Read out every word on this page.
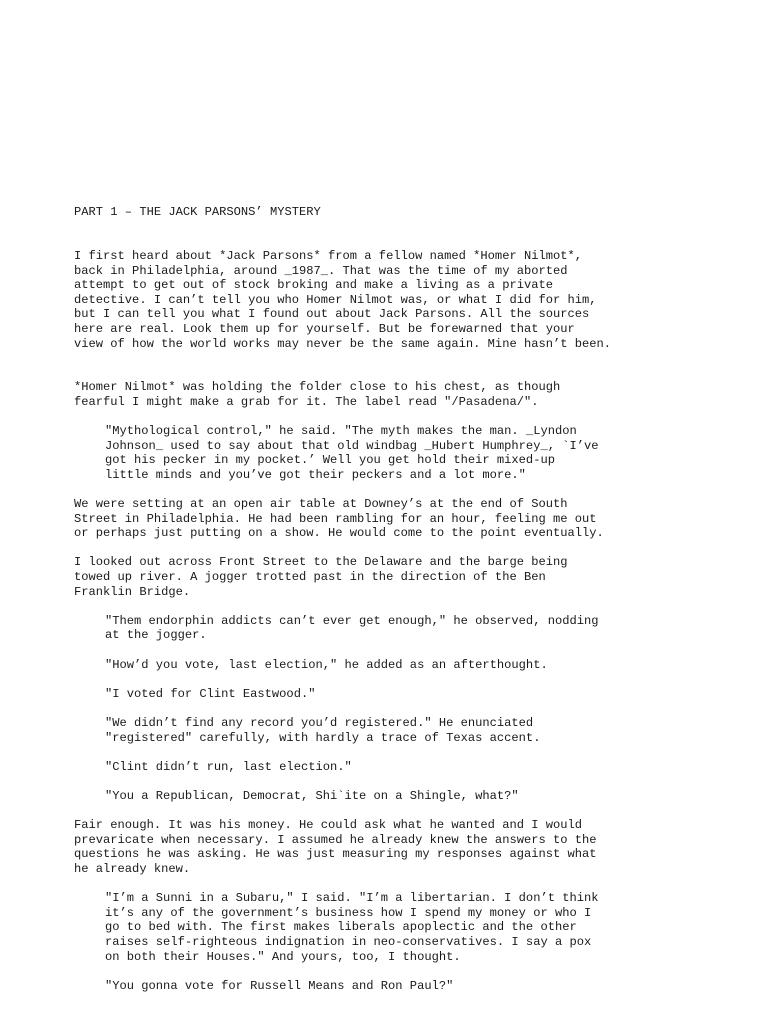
PART 1 – THE JACK PARSONS’ MYSTERY
I first heard about *Jack Parsons* from a fellow named *Homer Nilmot*,
back in Philadelphia, around _1987_. That was the time of my aborted
attempt to get out of stock broking and make a living as a private
detective. I can’t tell you who Homer Nilmot was, or what I did for him,
but I can tell you what I found out about Jack Parsons. All the sources
here are real. Look them up for yourself. But be forewarned that your
view of how the world works may never be the same again. Mine hasn’t been.
*Homer Nilmot* was holding the folder close to his chest, as though
fearful I might make a grab for it. The label read "/Pasadena/".
"Mythological control," he said. "The myth makes the man. _Lyndon
Johnson_ used to say about that old windbag _Hubert Humphrey_, `I’ve
got his pecker in my pocket.’ Well you get hold their mixed-up
little minds and you’ve got their peckers and a lot more."
We were setting at an open air table at Downey’s at the end of South
Street in Philadelphia. He had been rambling for an hour, feeling me out
or perhaps just putting on a show. He would come to the point eventually.
I looked out across Front Street to the Delaware and the barge being
towed up river. A jogger trotted past in the direction of the Ben
Franklin Bridge.
"Them endorphin addicts can’t ever get enough," he observed, nodding
at the jogger.
"How’d you vote, last election," he added as an afterthought.
"I voted for Clint Eastwood."
"We didn’t find any record you’d registered." He enunciated
"registered" carefully, with hardly a trace of Texas accent.
"Clint didn’t run, last election."
"You a Republican, Democrat, Shi`ite on a Shingle, what?"
Fair enough. It was his money. He could ask what he wanted and I would
prevaricate when necessary. I assumed he already knew the answers to the
questions he was asking. He was just measuring my responses against what
he already knew.
"I’m a Sunni in a Subaru," I said. "I’m a libertarian. I don’t think
it’s any of the government’s business how I spend my money or who I
go to bed with. The first makes liberals apoplectic and the other
raises self-righteous indignation in neo-conservatives. I say a pox
on both their Houses." And yours, too, I thought.
"You gonna vote for Russell Means and Ron Paul?"
